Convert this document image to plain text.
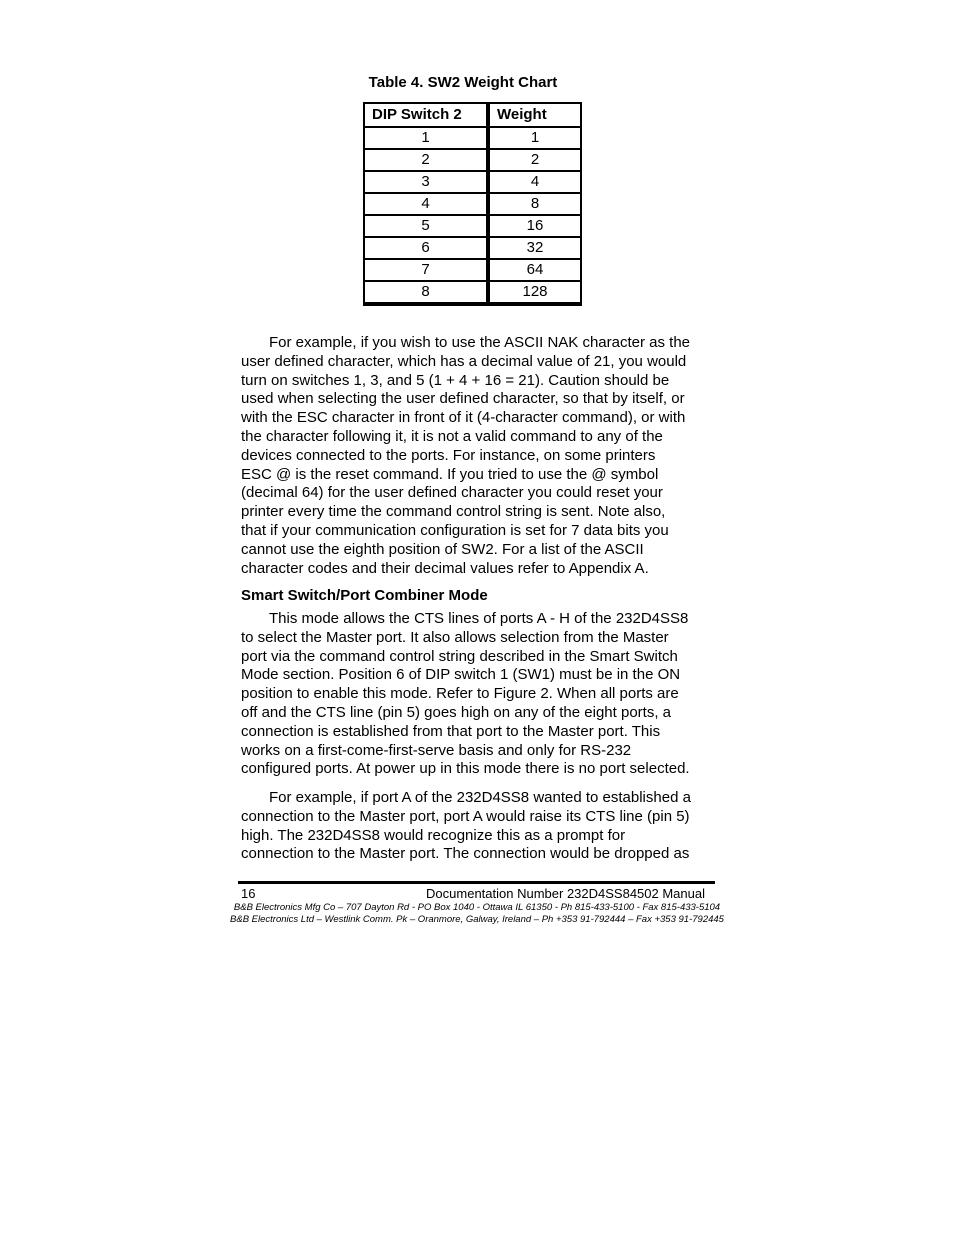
Table 4. SW2 Weight Chart
DIP Switch 2	Weight
1	1
2	2
3	4
4	8
5	16
6	32
7	64
8	128

For example, if you wish to use the ASCII NAK character as the
user defined character, which has a decimal value of 21, you would
turn on switches 1, 3, and 5 (1 + 4 + 16 = 21). Caution should be
used when selecting the user defined character, so that by itself, or
with the ESC character in front of it (4-character command), or with
the character following it, it is not a valid command to any of the
devices connected to the ports. For instance, on some printers
ESC @ is the reset command. If you tried to use the @ symbol
(decimal 64) for the user defined character you could reset your
printer every time the command control string is sent. Note also,
that if your communication configuration is set for 7 data bits you
cannot use the eighth position of SW2. For a list of the ASCII
character codes and their decimal values refer to Appendix A.

Smart Switch/Port Combiner Mode

This mode allows the CTS lines of ports A - H of the 232D4SS8
to select the Master port. It also allows selection from the Master
port via the command control string described in the Smart Switch
Mode section. Position 6 of DIP switch 1 (SW1) must be in the ON
position to enable this mode. Refer to Figure 2. When all ports are
off and the CTS line (pin 5) goes high on any of the eight ports, a
connection is established from that port to the Master port. This
works on a first-come-first-serve basis and only for RS-232
configured ports. At power up in this mode there is no port selected.

For example, if port A of the 232D4SS8 wanted to established a
connection to the Master port, port A would raise its CTS line (pin 5)
high. The 232D4SS8 would recognize this as a prompt for
connection to the Master port. The connection would be dropped as

16	Documentation Number 232D4SS84502 Manual
B&B Electronics Mfg Co – 707 Dayton Rd - PO Box 1040 - Ottawa IL 61350 - Ph 815-433-5100 - Fax 815-433-5104
B&B Electronics Ltd – Westlink Comm. Pk – Oranmore, Galway, Ireland – Ph +353 91-792444 – Fax +353 91-792445
